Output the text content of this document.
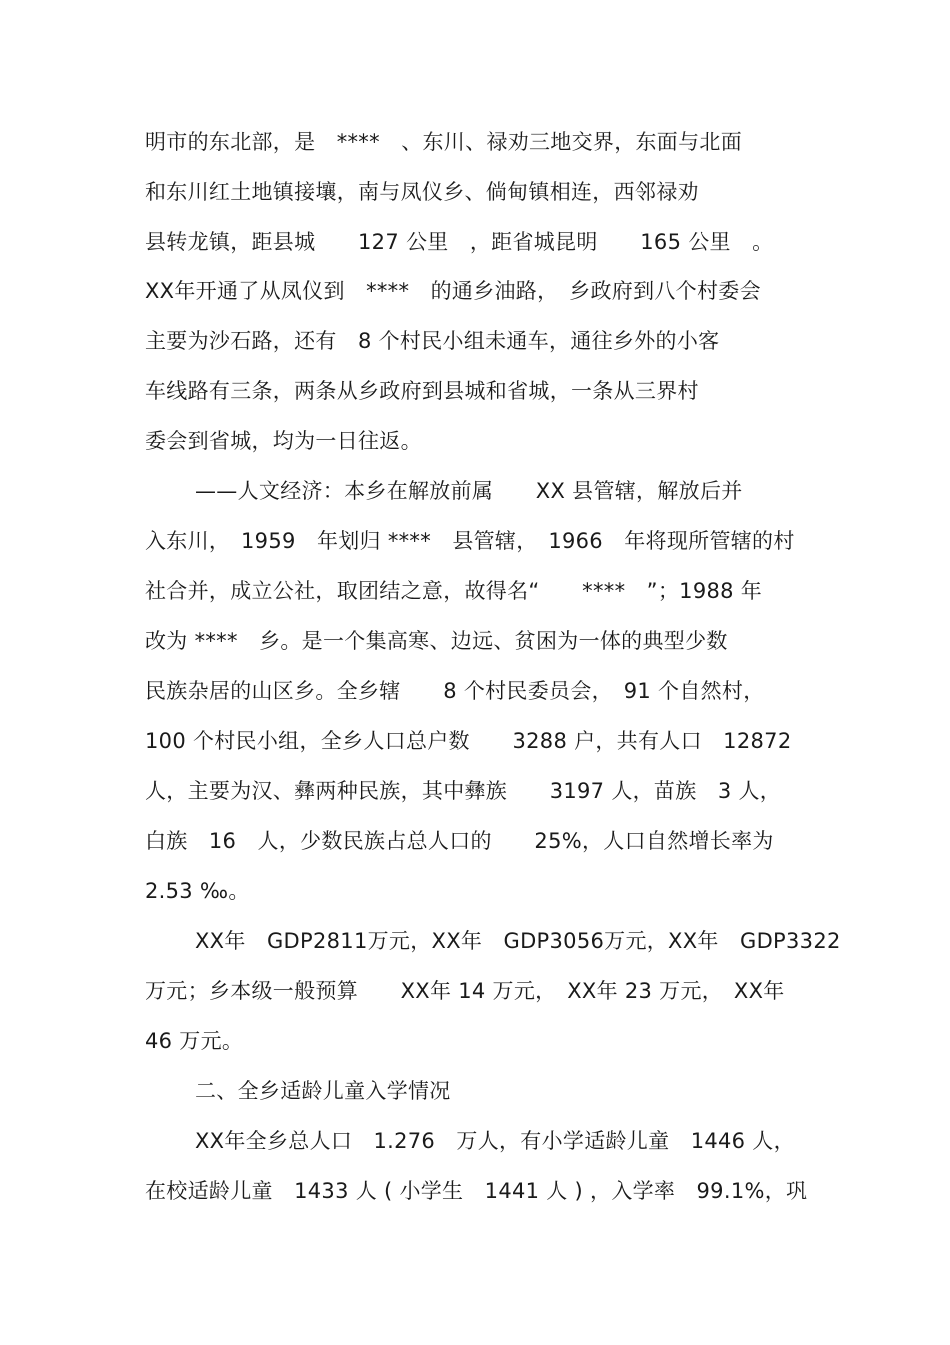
明市的东北部，是　****　、东川、禄劝三地交界，东面与北面
和东川红土地镇接壤，南与凤仪乡、倘甸镇相连，西邻禄劝
县转龙镇，距县城　　127 公里　，距省城昆明　　165 公里　。
XX年开通了从凤仪到　****　的通乡油路，　乡政府到八个村委会
主要为沙石路，还有　8 个村民小组未通车，通往乡外的小客
车线路有三条，两条从乡政府到县城和省城，一条从三界村
委会到省城，均为一日往返。
——人文经济：本乡在解放前属　　XX 县管辖，解放后并
入东川，　1959　年划归 ****　县管辖，　1966　年将现所管辖的村
社合并，成立公社，取团结之意，故得名“　　****　”；1988 年
改为 ****　乡。是一个集高寒、边远、贫困为一体的典型少数
民族杂居的山区乡。全乡辖　　8 个村民委员会，　91 个自然村，
100 个村民小组，全乡人口总户数　　3288 户，共有人口　12872
人，主要为汉、彝两种民族，其中彝族　　3197 人，苗族　3 人，
白族　16　人，少数民族占总人口的　　25%，人口自然增长率为
2.53 ‰。
XX年　GDP2811万元，XX年　GDP3056万元，XX年　GDP3322
万元；乡本级一般预算　　XX年 14 万元，　XX年 23 万元，　XX年
46 万元。
二、全乡适龄儿童入学情况
XX年全乡总人口　1.276　万人，有小学适龄儿童　1446 人，
在校适龄儿童　1433 人 ( 小学生　1441 人 ) ，入学率　99.1%，巩
